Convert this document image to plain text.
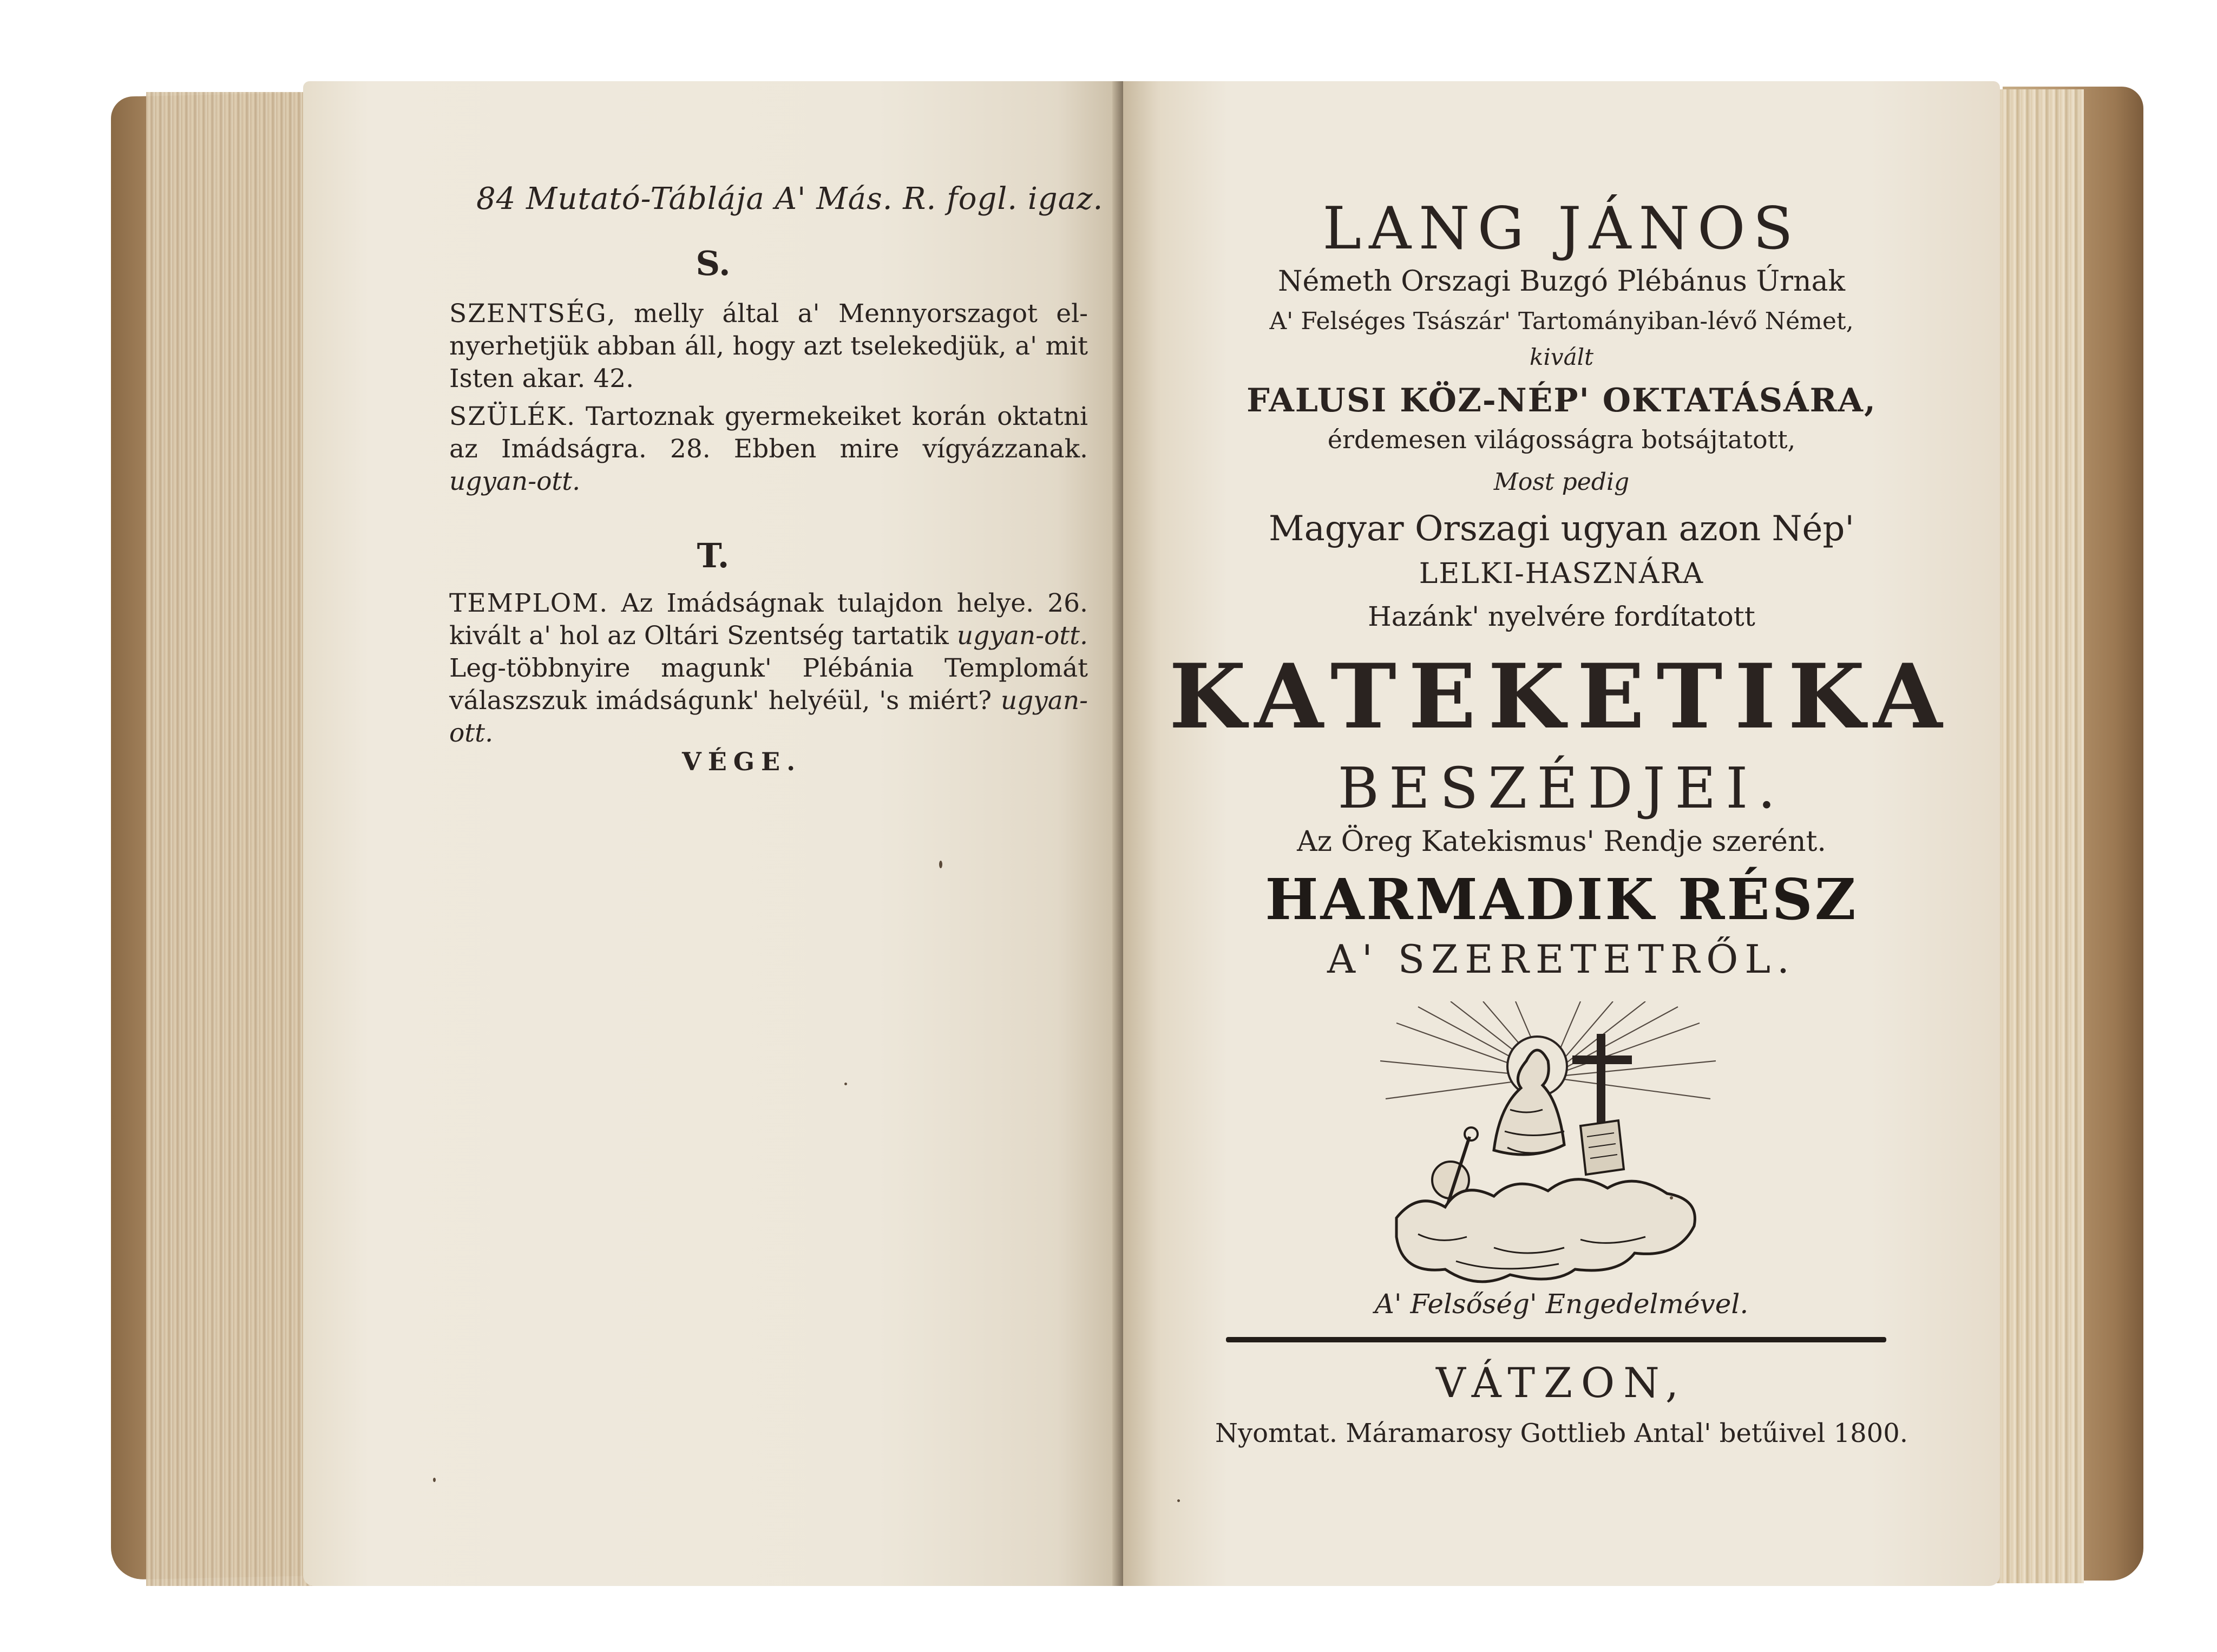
84 Mutató-Táblája A' Más. R. fogl. igaz.
S.
SZENTSÉG, melly által a' Mennyorszagot el-nyerhetjük abban áll, hogy azt tselekedjük, a' mit Isten akar. 42.
SZÜLÉK. Tartoznak gyermekeiket korán oktatni az Imádságra. 28. Ebben mire vígyázzanak. ugyan-ott.
T.
TEMPLOM. Az Imádságnak tulajdon helye. 26. kivált a' hol az Oltári Szentség tartatik ugyan-ott. Leg-többnyire magunk' Plébánia Templomát válaszszuk imádságunk' helyéül, 's miért? ugyan-ott.
VÉGE.
LANG JÁNOS
Németh Orszagi Buzgó Plébánus Úrnak
A' Felséges Tsászár' Tartományiban-lévő Német,
kivált
FALUSI KÖZ-NÉP' OKTATÁSÁRA,
érdemesen világosságra botsájtatott,
Most pedig
Magyar Orszagi ugyan azon Nép'
LELKI-HASZNÁRA
Hazánk' nyelvére fordítatott
KATEKETIKA
BESZÉDJEI.
Az Öreg Katekismus' Rendje szerént.
HARMADIK RÉSZ
A' SZERETETRŐL.
A' Felsőség' Engedelmével.
VÁTZON,
Nyomtat. Máramarosy Gottlieb Antal' betűivel 1800.
